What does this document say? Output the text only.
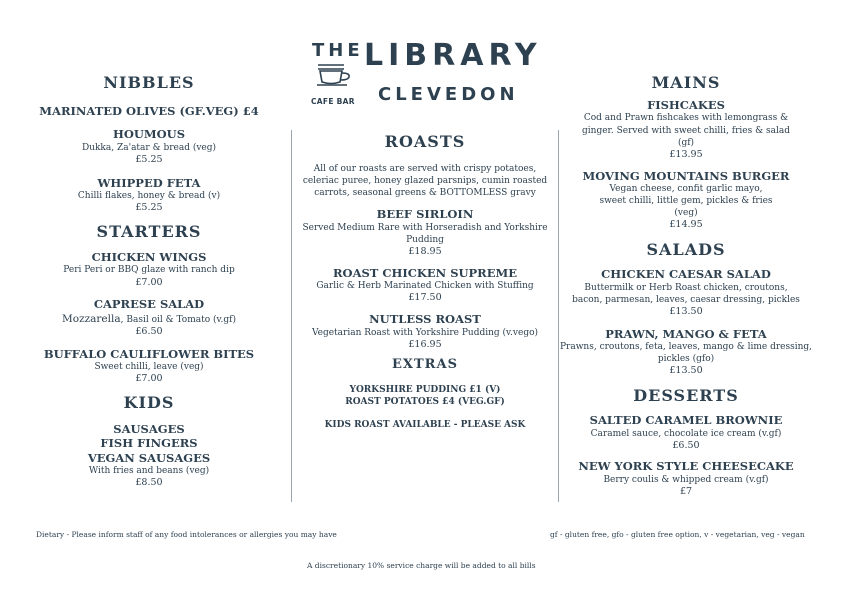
THE
CAFE BAR
LIBRARY
CLEVEDON
NIBBLES
MARINATED OLIVES (GF.VEG) £4
HOUMOUS
Dukka, Za'atar & bread (veg)
£5.25
WHIPPED FETA
Chilli flakes, honey & bread (v)
£5.25
STARTERS
CHICKEN WINGS
Peri Peri or BBQ glaze with ranch dip
£7.00
CAPRESE SALAD
Mozzarella, Basil oil & Tomato (v.gf)
£6.50
BUFFALO CAULIFLOWER BITES
Sweet chilli, leave (veg)
£7.00
KIDS
SAUSAGES
FISH FINGERS
VEGAN SAUSAGES
With fries and beans (veg)
£8.50
ROASTS
All of our roasts are served with crispy potatoes, celeriac puree, honey glazed parsnips, cumin roasted carrots, seasonal greens & BOTTOMLESS gravy
BEEF SIRLOIN
Served Medium Rare with Horseradish and Yorkshire Pudding
£18.95
ROAST CHICKEN SUPREME
Garlic & Herb Marinated Chicken with Stuffing
£17.50
NUTLESS ROAST
Vegetarian Roast with Yorkshire Pudding (v.vego)
£16.95
EXTRAS
YORKSHIRE PUDDING £1 (V)
ROAST POTATOES £4 (VEG.GF)
KIDS ROAST AVAILABLE - PLEASE ASK
MAINS
FISHCAKES
Cod and Prawn fishcakes with lemongrass & ginger. Served with sweet chilli, fries & salad (gf)
£13.95
MOVING MOUNTAINS BURGER
Vegan cheese, confit garlic mayo, sweet chilli, little gem, pickles & fries (veg)
£14.95
SALADS
CHICKEN CAESAR SALAD
Buttermilk or Herb Roast chicken, croutons, bacon, parmesan, leaves, caesar dressing, pickles
£13.50
PRAWN, MANGO & FETA
Prawns, croutons, feta, leaves, mango & lime dressing, pickles (gfo)
£13.50
DESSERTS
SALTED CARAMEL BROWNIE
Caramel sauce, chocolate ice cream (v.gf)
£6.50
NEW YORK STYLE CHEESECAKE
Berry coulis & whipped cream (v.gf)
£7
Dietary - Please inform staff of any food intolerances or allergies you may have	gf - gluten free, gfo - gluten free option, v - vegetarian, veg - vegan
A discretionary 10% service charge will be added to all bills
